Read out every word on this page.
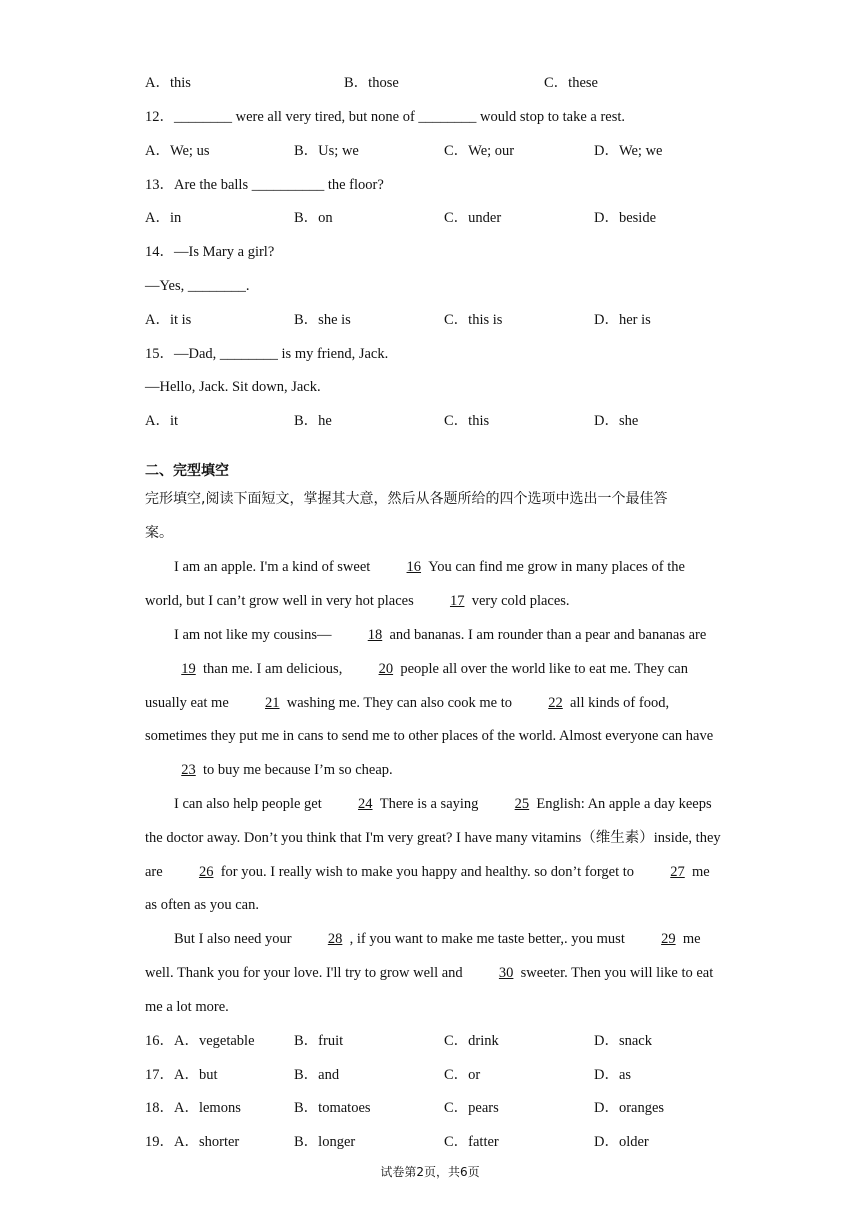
A．this	B．those	C．these
12．________ were all very tired, but none of ________ would stop to take a rest.
A．We; us	B．Us; we	C．We; our	D．We; we
13．Are the balls __________ the floor?
A．in	B．on	C．under	D．beside
14．—Is Mary a girl?
—Yes, ________.
A．it is	B．she is	C．this is	D．her is
15．—Dad, ________ is my friend, Jack.
—Hello, Jack. Sit down, Jack.
A．it	B．he	C．this	D．she
二、完型填空
完形填空,阅读下面短文，掌握其大意，然后从各题所给的四个选项中选出一个最佳答
案。
I am an apple. I'm a kind of sweet	16 You can find me grow in many places of the world, but I can’t grow well in very hot places	17 very cold places.
I am not like my cousins—	18 and bananas. I am rounder than a pear and bananas are19 than me. I am delicious,	20 people all over the world like to eat me. They can usually eat me	21 washing me. They can also cook me to	22 all kinds of food, sometimes they put me in cans to send me to other places of the world. Almost everyone can have23 to buy me because I’m so cheap.
I can also help people get	24 There is a saying	25 English: An apple a day keeps the doctor away. Don’t you think that I'm very great? I have many vitamins（维生素）inside, they are	26 for you. I really wish to make you happy and healthy. so don’t forget to	27 me as often as you can.
But I also need your	28 , if you want to make me taste better,. you must	29 me well. Thank you for your love. I'll try to grow well and	30 sweeter. Then you will like to eat me a lot more.
16．A．vegetable	B．fruit	C．drink	D．snack
17．A．but	B．and	C．or	D．as
18．A．lemons	B．tomatoes	C．pears	D．oranges
19．A．shorter	B．longer	C．fatter	D．older
试卷第2页，共6页
